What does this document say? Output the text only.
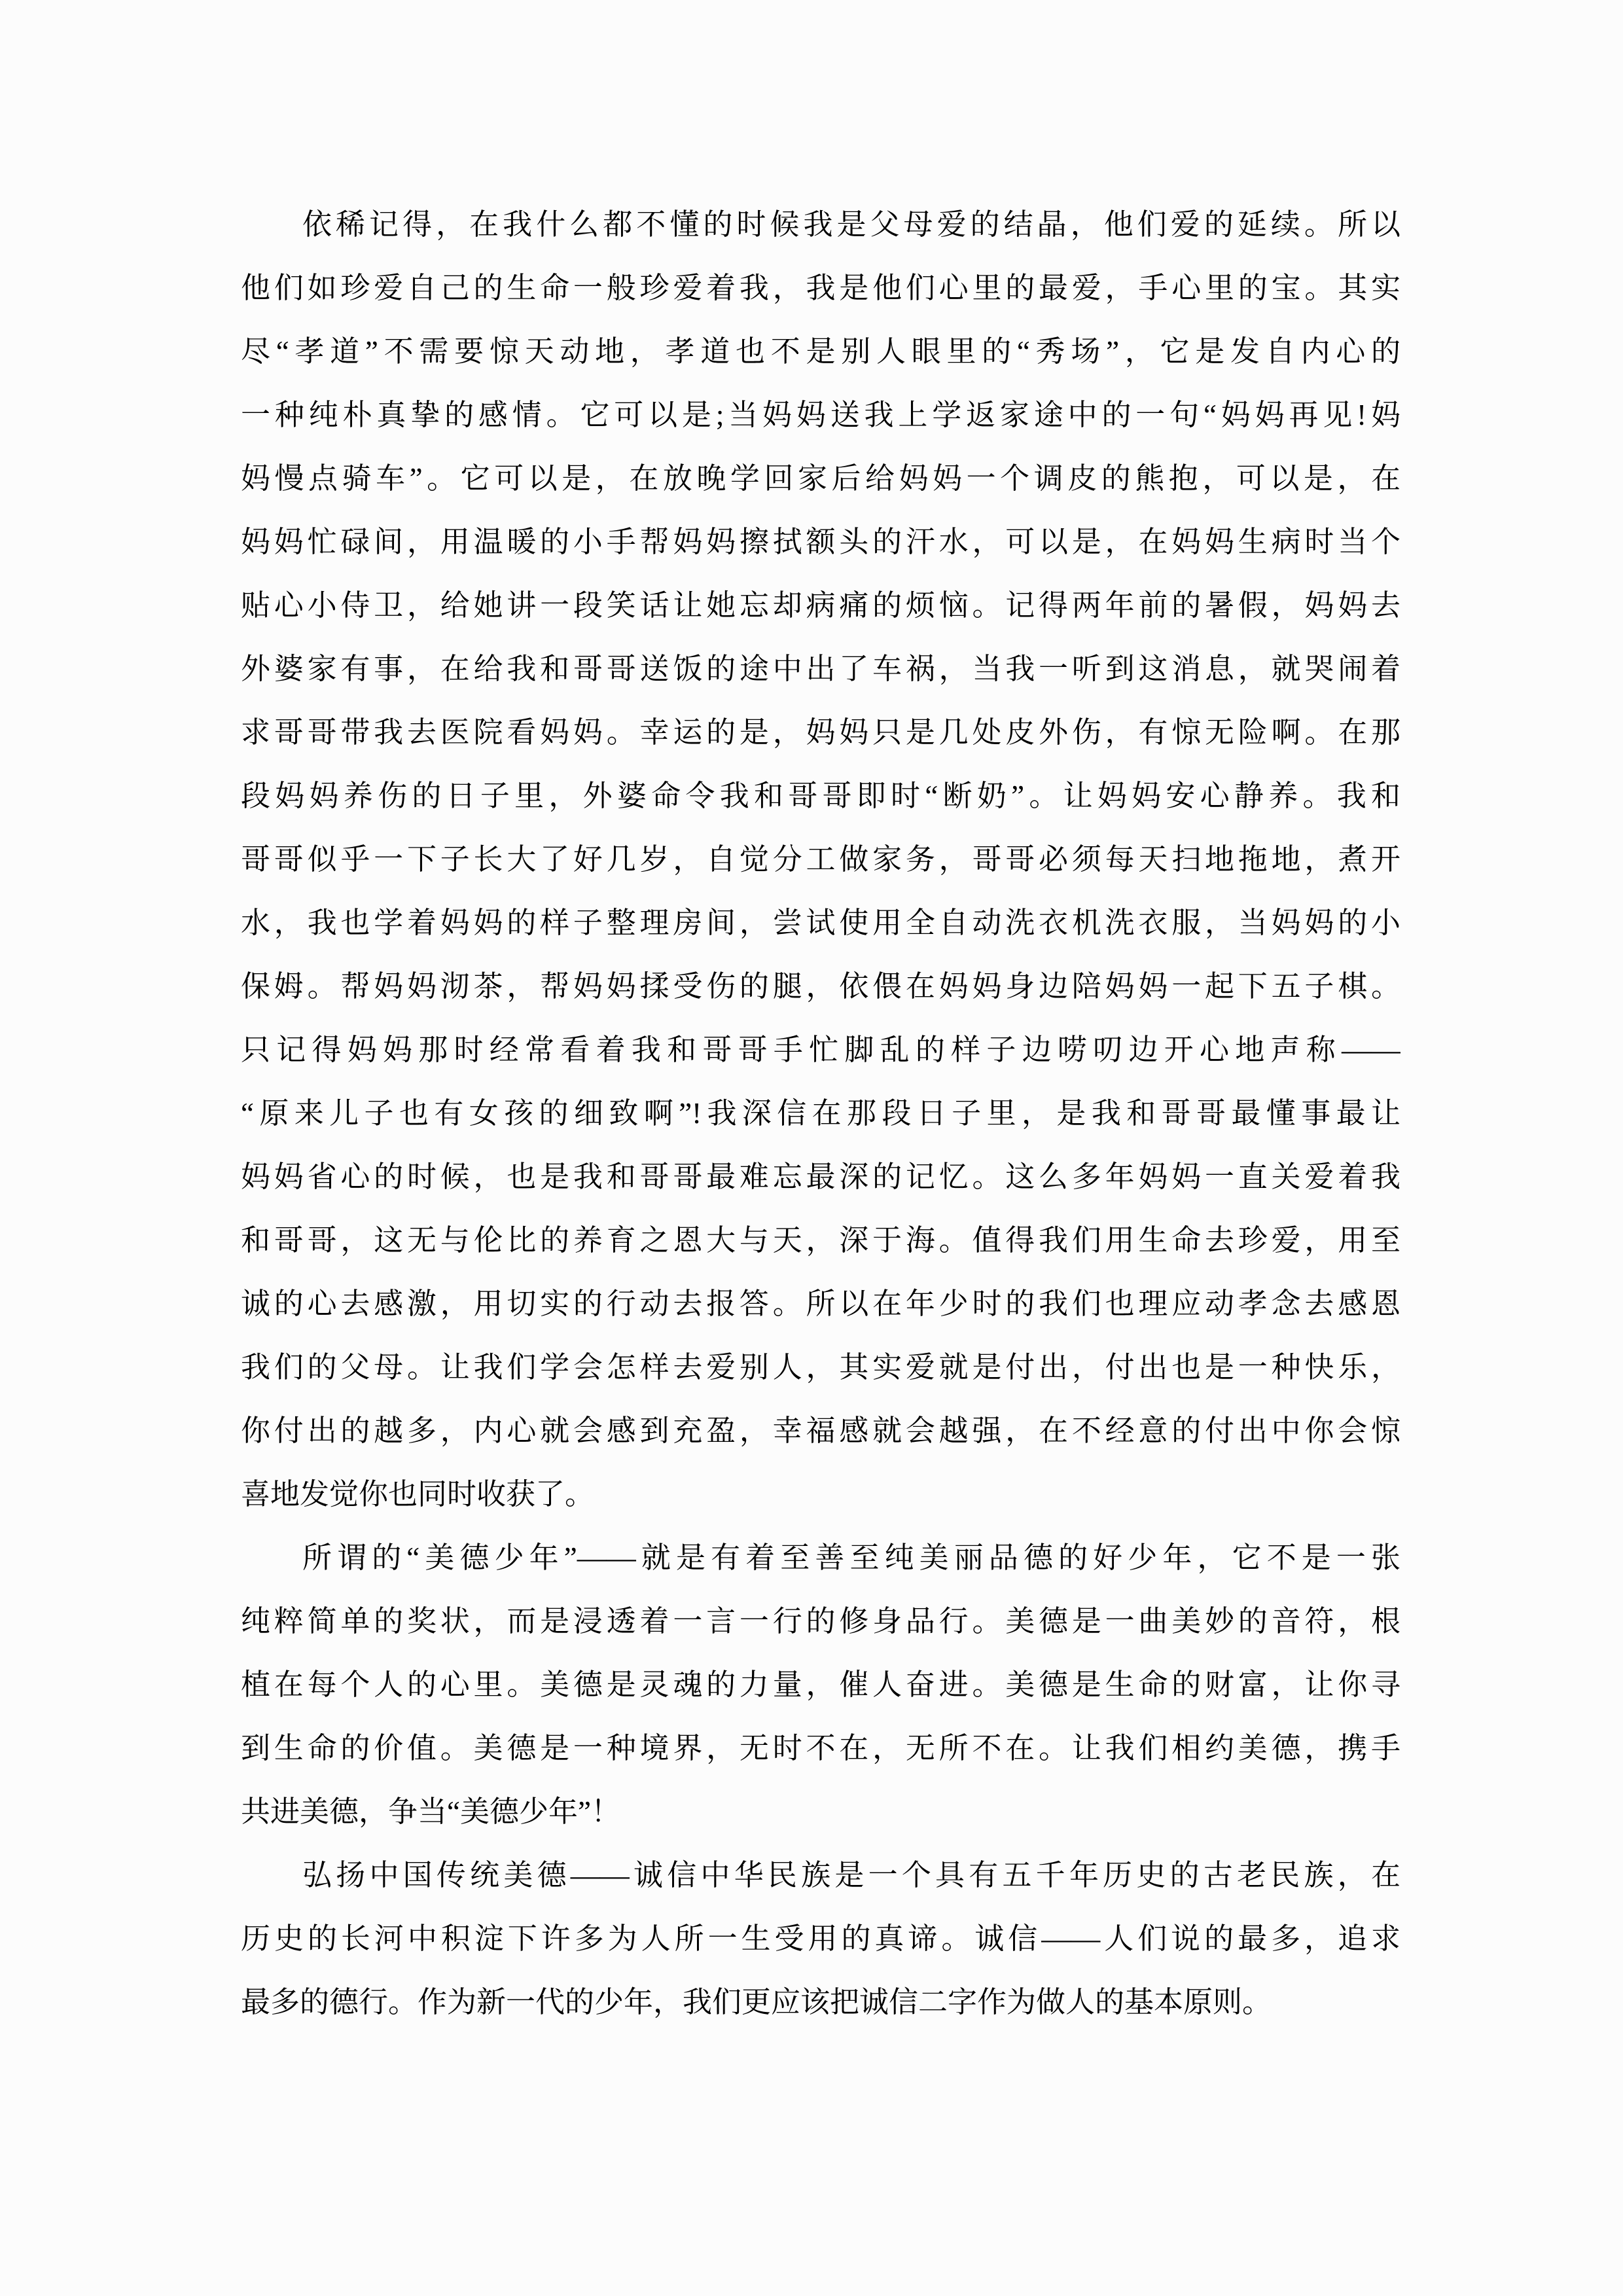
依稀记得，在我什么都不懂的时候我是父母爱的结晶，他们爱的延续。所以
他们如珍爱自己的生命一般珍爱着我，我是他们心里的最爱，手心里的宝。其实
尽“孝道”不需要惊天动地，孝道也不是别人眼里的“秀场”，它是发自内心的
一种纯朴真挚的感情。它可以是;当妈妈送我上学返家途中的一句“妈妈再见!妈
妈慢点骑车”。它可以是，在放晚学回家后给妈妈一个调皮的熊抱，可以是，在
妈妈忙碌间，用温暖的小手帮妈妈擦拭额头的汗水，可以是，在妈妈生病时当个
贴心小侍卫，给她讲一段笑话让她忘却病痛的烦恼。记得两年前的暑假，妈妈去
外婆家有事，在给我和哥哥送饭的途中出了车祸，当我一听到这消息，就哭闹着
求哥哥带我去医院看妈妈。幸运的是，妈妈只是几处皮外伤，有惊无险啊。在那
段妈妈养伤的日子里，外婆命令我和哥哥即时“断奶”。让妈妈安心静养。我和
哥哥似乎一下子长大了好几岁，自觉分工做家务，哥哥必须每天扫地拖地，煮开
水，我也学着妈妈的样子整理房间，尝试使用全自动洗衣机洗衣服，当妈妈的小
保姆。帮妈妈沏茶，帮妈妈揉受伤的腿，依偎在妈妈身边陪妈妈一起下五子棋。
只记得妈妈那时经常看着我和哥哥手忙脚乱的样子边唠叨边开心地声称——
“原来儿子也有女孩的细致啊”!我深信在那段日子里，是我和哥哥最懂事最让
妈妈省心的时候，也是我和哥哥最难忘最深的记忆。这么多年妈妈一直关爱着我
和哥哥，这无与伦比的养育之恩大与天，深于海。值得我们用生命去珍爱，用至
诚的心去感激，用切实的行动去报答。所以在年少时的我们也理应动孝念去感恩
我们的父母。让我们学会怎样去爱别人，其实爱就是付出，付出也是一种快乐，
你付出的越多，内心就会感到充盈，幸福感就会越强，在不经意的付出中你会惊
喜地发觉你也同时收获了。
所谓的“美德少年”——就是有着至善至纯美丽品德的好少年，它不是一张
纯粹简单的奖状，而是浸透着一言一行的修身品行。美德是一曲美妙的音符，根
植在每个人的心里。美德是灵魂的力量，催人奋进。美德是生命的财富，让你寻
到生命的价值。美德是一种境界，无时不在，无所不在。让我们相约美德，携手
共进美德，争当“美德少年”！
弘扬中国传统美德——诚信中华民族是一个具有五千年历史的古老民族，在
历史的长河中积淀下许多为人所一生受用的真谛。诚信——人们说的最多，追求
最多的德行。作为新一代的少年，我们更应该把诚信二字作为做人的基本原则。
